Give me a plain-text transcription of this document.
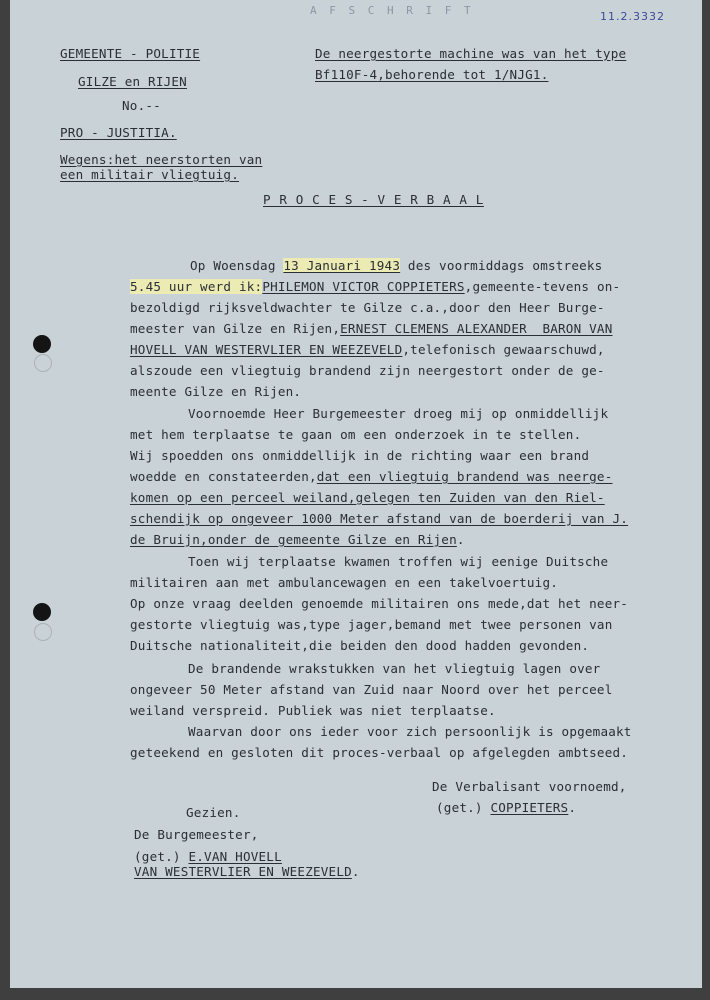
A F S C H R I F T	11.2.3332
GEMEENTE - POLITIE
GILZE en RIJEN
No.--
PRO - JUSTITIA.
Wegens:het neerstorten van
een militair vliegtuig.
De neergestorte machine was van het type
Bf110F-4,behorende tot 1/NJG1.
P R O C E S - V E R B A A L
Op Woensdag 13 Januari 1943 des voormiddags omstreeks
5.45 uur werd ik:PHILEMON VICTOR COPPIETERS,gemeente-tevens on-
bezoldigd rijksveldwachter te Gilze c.a.,door den Heer Burge-
meester van Gilze en Rijen,ERNEST CLEMENS ALEXANDER  BARON VAN
HOVELL VAN WESTERVLIER EN WEEZEVELD,telefonisch gewaarschuwd,
alszoude een vliegtuig brandend zijn neergestort onder de ge-
meente Gilze en Rijen.
Voornoemde Heer Burgemeester droeg mij op onmiddellijk
met hem terplaatse te gaan om een onderzoek in te stellen.
Wij spoedden ons onmiddellijk in de richting waar een brand
woedde en constateerden,dat een vliegtuig brandend was neerge-
komen op een perceel weiland,gelegen ten Zuiden van den Riel-
schendijk op ongeveer 1000 Meter afstand van de boerderij van J.
de Bruijn,onder de gemeente Gilze en Rijen.
Toen wij terplaatse kwamen troffen wij eenige Duitsche
militairen aan met ambulancewagen en een takelvoertuig.
Op onze vraag deelden genoemde militairen ons mede,dat het neer-
gestorte vliegtuig was,type jager,bemand met twee personen van
Duitsche nationaliteit,die beiden den dood hadden gevonden.
De brandende wrakstukken van het vliegtuig lagen over
ongeveer 50 Meter afstand van Zuid naar Noord over het perceel
weiland verspreid. Publiek was niet terplaatse.
Waarvan door ons ieder voor zich persoonlijk is opgemaakt
geteekend en gesloten dit proces-verbaal op afgelegden ambtseed.
De Verbalisant voornoemd,
(get.) COPPIETERS.
Gezien.
De Burgemeester,
(get.) E.VAN HOVELL
VAN WESTERVLIER EN WEEZEVELD.
